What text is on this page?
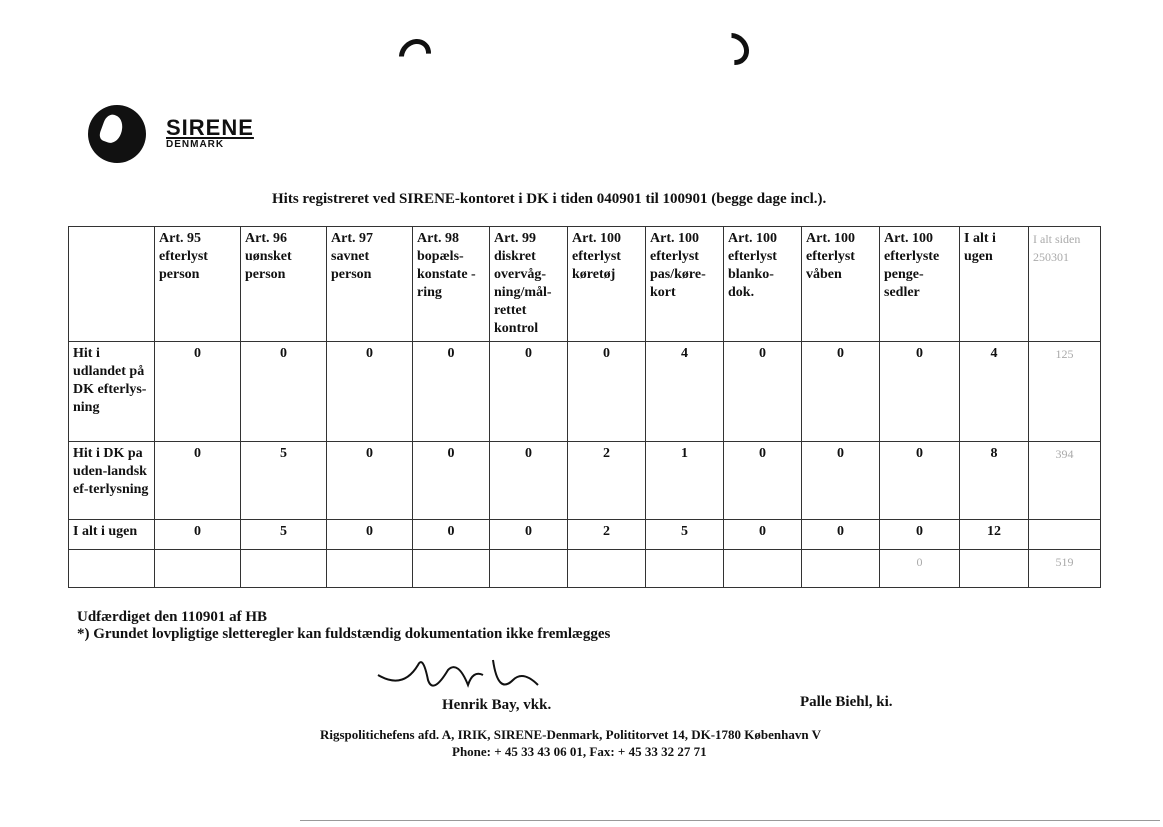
SIRENE
DENMARK
Hits registreret ved SIRENE-kontoret i DK i tiden 040901 til 100901 (begge dage incl.).
	Art. 95 efterlyst person	Art. 96 uønsket person	Art. 97 savnet person	Art. 98 bopæls-konstate -ring	Art. 99 diskret overvåg-ning/mål-rettet kontrol	Art. 100 efterlyst køretøj	Art. 100 efterlyst pas/køre-kort	Art. 100 efterlyst blanko-dok.	Art. 100 efterlyst våben	Art. 100 efterlyste penge-sedler	I alt i ugen	I alt siden 250301
Hit i udlandet på DK efterlys-ning	0	0	0	0	0	0	4	0	0	0	4	125
Hit i DK pa uden-landsk ef-terlysning	0	5	0	0	0	2	1	0	0	0	8	394
I alt i ugen	0	5	0	0	0	2	5	0	0	0	12	
										0		519
Udfærdiget den 110901 af HB
*) Grundet lovpligtige sletteregler kan fuldstændig dokumentation ikke fremlægges
Henrik Bay, vkk.	Palle Biehl, ki.
Rigspolitichefens afd. A, IRIK, SIRENE-Denmark, Polititorvet 14, DK-1780 København V
Phone: + 45 33 43 06 01, Fax: + 45 33 32 27 71
